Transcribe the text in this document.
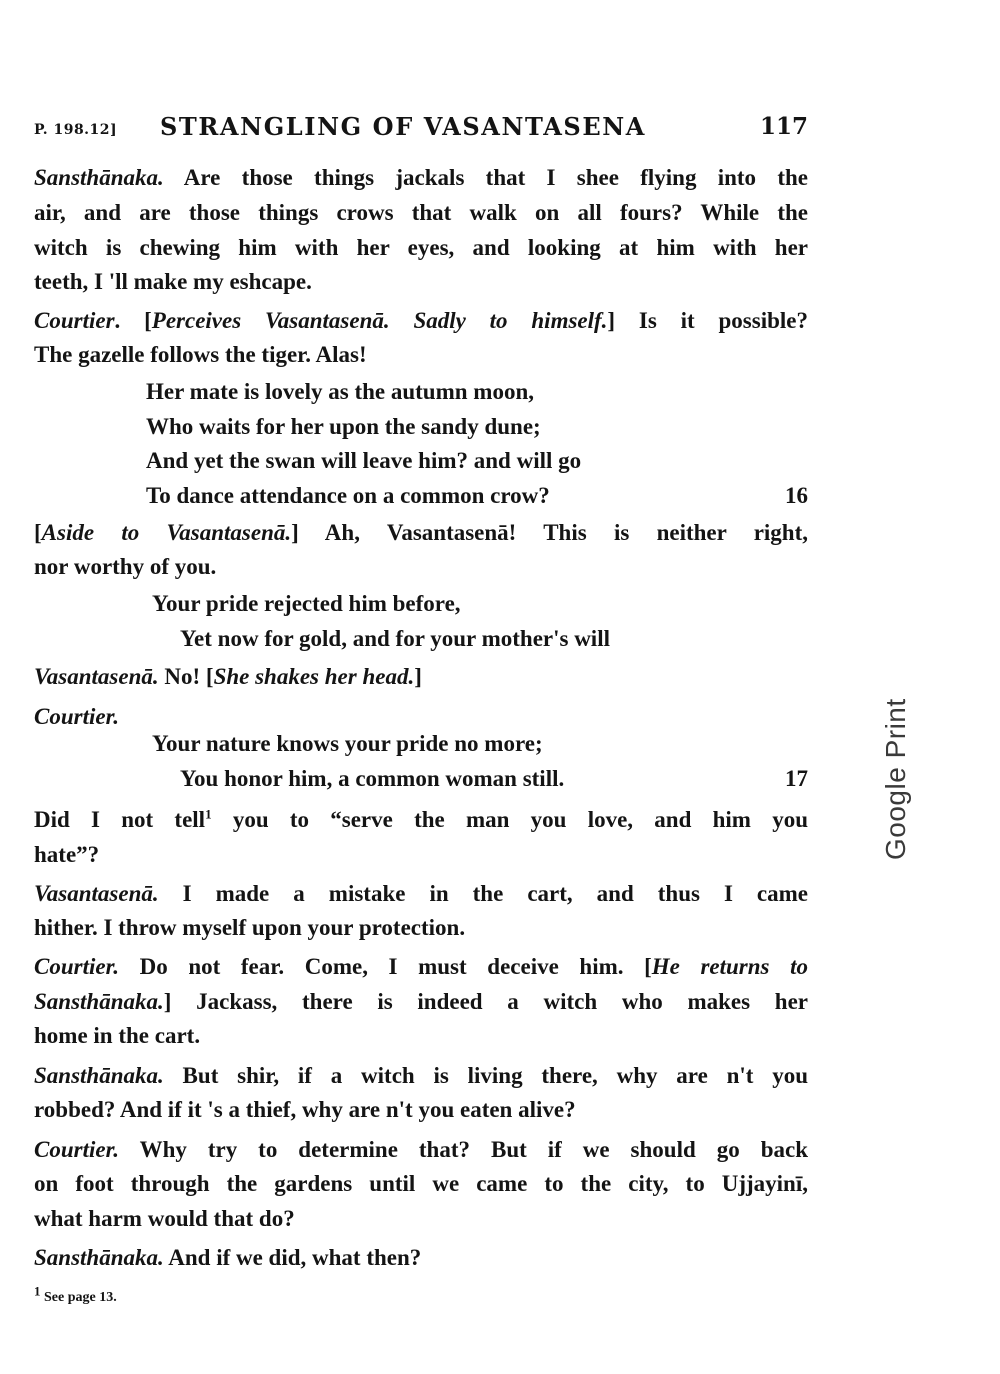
P. 198.12] STRANGLING OF VASANTASENA	117
Sansthānaka. Are those things jackals that I shee flying into the
air, and are those things crows that walk on all fours? While the
witch is chewing him with her eyes, and looking at him with her
teeth, I 'll make my eshcape.
Courtier. [Perceives Vasantasenā. Sadly to himself.] Is it possible?
The gazelle follows the tiger. Alas!
Her mate is lovely as the autumn moon,
Who waits for her upon the sandy dune;
And yet the swan will leave him? and will go
To dance attendance on a common crow?	16
[Aside to Vasantasenā.] Ah, Vasantasenā! This is neither right,
nor worthy of you.
Your pride rejected him before,
Yet now for gold, and for your mother's will
Vasantasenā. No! [She shakes her head.]
Courtier.
Your nature knows your pride no more;
You honor him, a common woman still.	17
Did I not tell$^1$ you to “serve the man you love, and him you
hate”?
Vasantasenā. I made a mistake in the cart, and thus I came
hither. I throw myself upon your protection.
Courtier. Do not fear. Come, I must deceive him. [He returns to
Sansthānaka.] Jackass, there is indeed a witch who makes her
home in the cart.
Sansthānaka. But shir, if a witch is living there, why are n't you
robbed? And if it 's a thief, why are n't you eaten alive?
Courtier. Why try to determine that? But if we should go back
on foot through the gardens until we came to the city, to Ujjayinī,
what harm would that do?
Sansthānaka. And if we did, what then?
$^1$ See page 13.
Google Print
